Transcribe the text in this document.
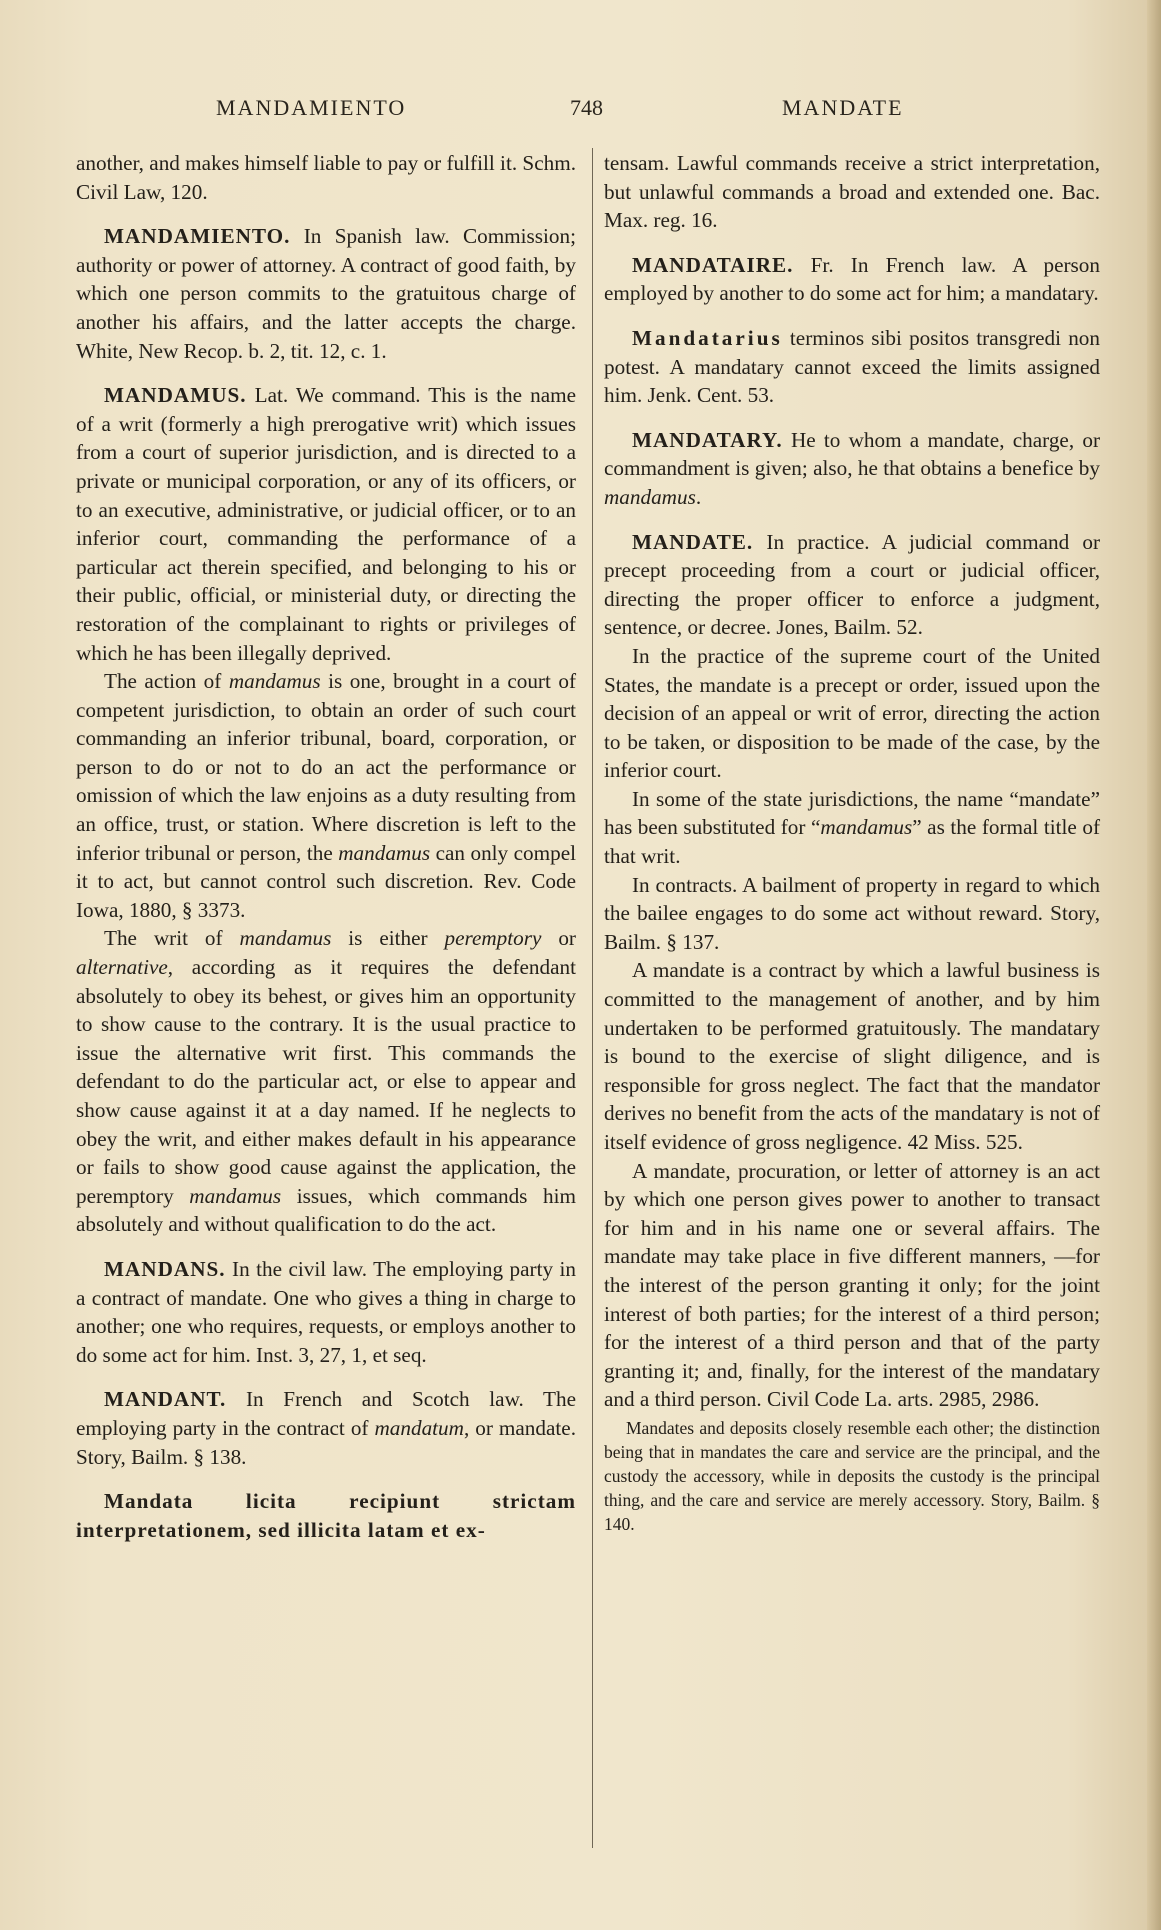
MANDAMIENTO	748	MANDATE

another, and makes himself liable to pay or fulfill it. Schm. Civil Law, 120.

MANDAMIENTO. In Spanish law. Commission; authority or power of attorney. A contract of good faith, by which one person commits to the gratuitous charge of another his affairs, and the latter accepts the charge. White, New Recop. b. 2, tit. 12, c. 1.

MANDAMUS. Lat. We command. This is the name of a writ (formerly a high prerogative writ) which issues from a court of superior jurisdiction, and is directed to a private or municipal corporation, or any of its officers, or to an executive, administrative, or judicial officer, or to an inferior court, commanding the performance of a particular act therein specified, and belonging to his or their public, official, or ministerial duty, or directing the restoration of the complainant to rights or privileges of which he has been illegally deprived.

The action of mandamus is one, brought in a court of competent jurisdiction, to obtain an order of such court commanding an inferior tribunal, board, corporation, or person to do or not to do an act the performance or omission of which the law enjoins as a duty resulting from an office, trust, or station. Where discretion is left to the inferior tribunal or person, the mandamus can only compel it to act, but cannot control such discretion. Rev. Code Iowa, 1880, § 3373.

The writ of mandamus is either peremptory or alternative, according as it requires the defendant absolutely to obey its behest, or gives him an opportunity to show cause to the contrary. It is the usual practice to issue the alternative writ first. This commands the defendant to do the particular act, or else to appear and show cause against it at a day named. If he neglects to obey the writ, and either makes default in his appearance or fails to show good cause against the application, the peremptory mandamus issues, which commands him absolutely and without qualification to do the act.

MANDANS. In the civil law. The employing party in a contract of mandate. One who gives a thing in charge to another; one who requires, requests, or employs another to do some act for him. Inst. 3, 27, 1, et seq.

MANDANT. In French and Scotch law. The employing party in the contract of mandatum, or mandate. Story, Bailm. § 138.

Mandata licita recipiunt strictam interpretationem, sed illicita latam et ex-

tensam. Lawful commands receive a strict interpretation, but unlawful commands a broad and extended one. Bac. Max. reg. 16.

MANDATAIRE. Fr. In French law. A person employed by another to do some act for him; a mandatary.

Mandatarius terminos sibi positos transgredi non potest. A mandatary cannot exceed the limits assigned him. Jenk. Cent. 53.

MANDATARY. He to whom a mandate, charge, or commandment is given; also, he that obtains a benefice by mandamus.

MANDATE. In practice. A judicial command or precept proceeding from a court or judicial officer, directing the proper officer to enforce a judgment, sentence, or decree. Jones, Bailm. 52.

In the practice of the supreme court of the United States, the mandate is a precept or order, issued upon the decision of an appeal or writ of error, directing the action to be taken, or disposition to be made of the case, by the inferior court.

In some of the state jurisdictions, the name “mandate” has been substituted for “mandamus” as the formal title of that writ.

In contracts. A bailment of property in regard to which the bailee engages to do some act without reward. Story, Bailm. § 137.

A mandate is a contract by which a lawful business is committed to the management of another, and by him undertaken to be performed gratuitously. The mandatary is bound to the exercise of slight diligence, and is responsible for gross neglect. The fact that the mandator derives no benefit from the acts of the mandatary is not of itself evidence of gross negligence. 42 Miss. 525.

A mandate, procuration, or letter of attorney is an act by which one person gives power to another to transact for him and in his name one or several affairs. The mandate may take place in five different manners, —for the interest of the person granting it only; for the joint interest of both parties; for the interest of a third person; for the interest of a third person and that of the party granting it; and, finally, for the interest of the mandatary and a third person. Civil Code La. arts. 2985, 2986.

Mandates and deposits closely resemble each other; the distinction being that in mandates the care and service are the principal, and the custody the accessory, while in deposits the custody is the principal thing, and the care and service are merely accessory. Story, Bailm. § 140.
